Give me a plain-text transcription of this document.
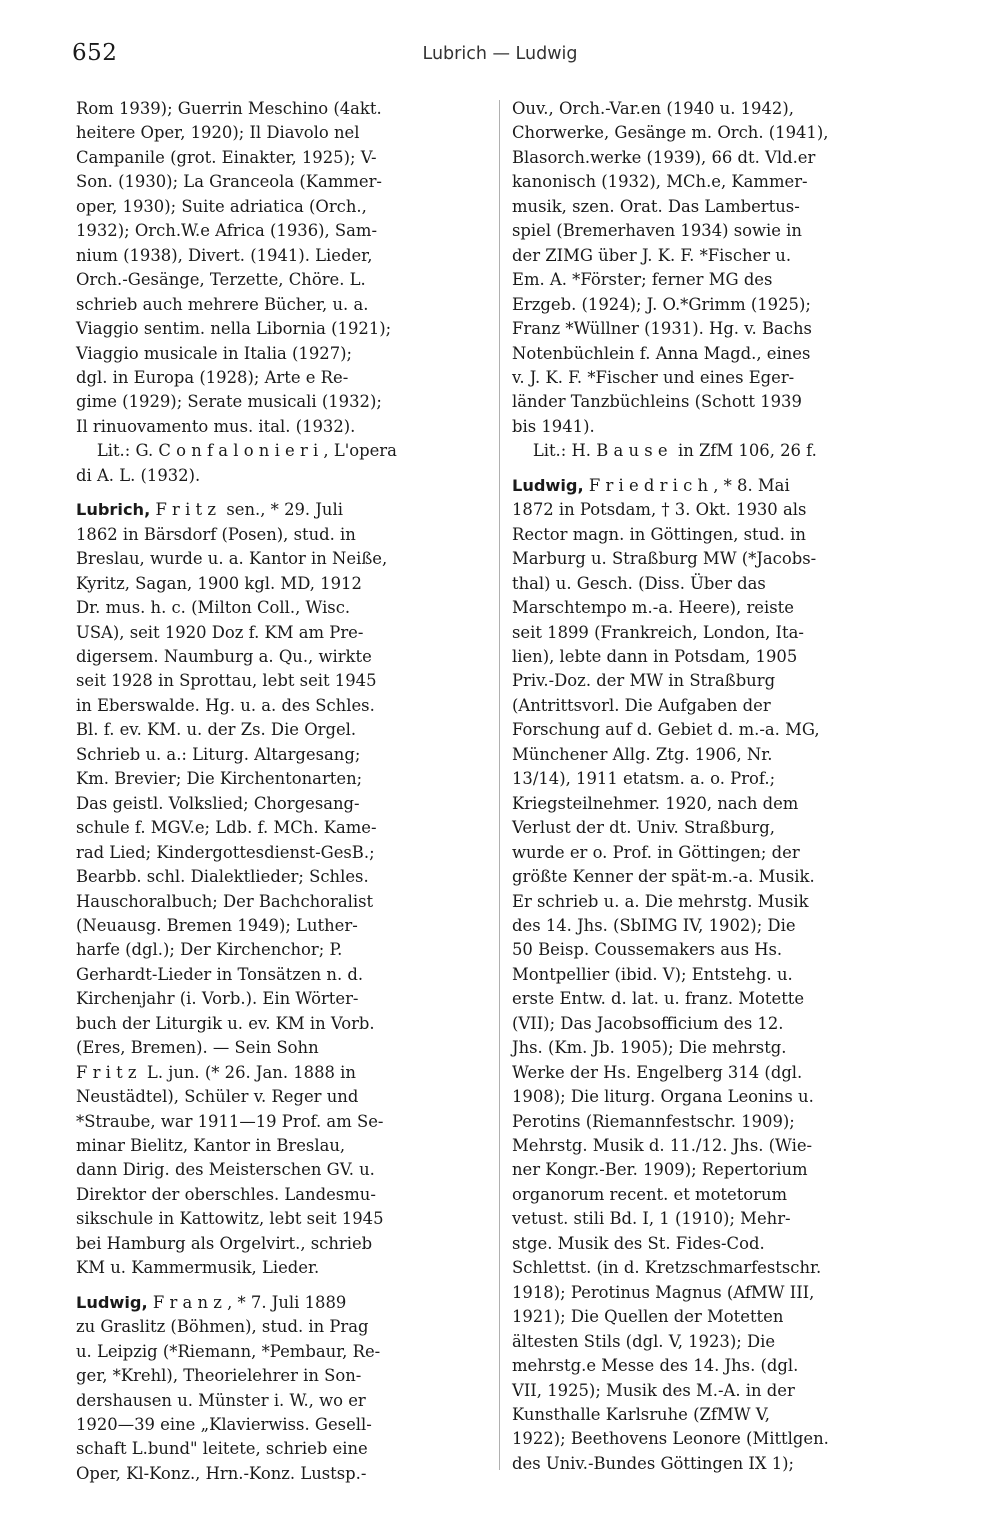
652	Lubrich — Ludwig
Rom 1939); Guerrin Meschino (4akt.
heitere Oper, 1920); Il Diavolo nel
Campanile (grot. Einakter, 1925); V-
Son. (1930); La Granceola (Kammer-
oper, 1930); Suite adriatica (Orch.,
1932); Orch.W.e Africa (1936), Sam-
nium (1938), Divert. (1941). Lieder,
Orch.-Gesänge, Terzette, Chöre. L.
schrieb auch mehrere Bücher, u. a.
Viaggio sentim. nella Libornia (1921);
Viaggio musicale in Italia (1927);
dgl. in Europa (1928); Arte e Re-
gime (1929); Serate musicali (1932);
Il rinuovamento mus. ital. (1932).
Lit.: G. C o n f a l o n i e r i , L'opera
di A. L. (1932).
Lubrich, F r i t z  sen., * 29. Juli
1862 in Bärsdorf (Posen), stud. in
Breslau, wurde u. a. Kantor in Neiße,
Kyritz, Sagan, 1900 kgl. MD, 1912
Dr. mus. h. c. (Milton Coll., Wisc.
USA), seit 1920 Doz f. KM am Pre-
digersem. Naumburg a. Qu., wirkte
seit 1928 in Sprottau, lebt seit 1945
in Eberswalde. Hg. u. a. des Schles.
Bl. f. ev. KM. u. der Zs. Die Orgel.
Schrieb u. a.: Liturg. Altargesang;
Km. Brevier; Die Kirchentonarten;
Das geistl. Volkslied; Chorgesang-
schule f. MGV.e; Ldb. f. MCh. Kame-
rad Lied; Kindergottesdienst-GesB.;
Bearbb. schl. Dialektlieder; Schles.
Hauschoralbuch; Der Bachchoralist
(Neuausg. Bremen 1949); Luther-
harfe (dgl.); Der Kirchenchor; P.
Gerhardt-Lieder in Tonsätzen n. d.
Kirchenjahr (i. Vorb.). Ein Wörter-
buch der Liturgik u. ev. KM in Vorb.
(Eres, Bremen). — Sein Sohn
F r i t z  L. jun. (* 26. Jan. 1888 in
Neustädtel), Schüler v. Reger und
*Straube, war 1911—19 Prof. am Se-
minar Bielitz, Kantor in Breslau,
dann Dirig. des Meisterschen GV. u.
Direktor der oberschles. Landesmu-
sikschule in Kattowitz, lebt seit 1945
bei Hamburg als Orgelvirt., schrieb
KM u. Kammermusik, Lieder.
Ludwig, F r a n z , * 7. Juli 1889
zu Graslitz (Böhmen), stud. in Prag
u. Leipzig (*Riemann, *Pembaur, Re-
ger, *Krehl), Theorielehrer in Son-
dershausen u. Münster i. W., wo er
1920—39 eine „Klavierwiss. Gesell-
schaft L.bund" leitete, schrieb eine
Oper, Kl-Konz., Hrn.-Konz. Lustsp.-
Ouv., Orch.-Var.en (1940 u. 1942),
Chorwerke, Gesänge m. Orch. (1941),
Blasorch.werke (1939), 66 dt. Vld.er
kanonisch (1932), MCh.e, Kammer-
musik, szen. Orat. Das Lambertus-
spiel (Bremerhaven 1934) sowie in
der ZIMG über J. K. F. *Fischer u.
Em. A. *Förster; ferner MG des
Erzgeb. (1924); J. O.*Grimm (1925);
Franz *Wüllner (1931). Hg. v. Bachs
Notenbüchlein f. Anna Magd., eines
v. J. K. F. *Fischer und eines Eger-
länder Tanzbüchleins (Schott 1939
bis 1941).
Lit.: H. B a u s e  in ZfM 106, 26 f.
Ludwig, F r i e d r i c h , * 8. Mai
1872 in Potsdam, † 3. Okt. 1930 als
Rector magn. in Göttingen, stud. in
Marburg u. Straßburg MW (*Jacobs-
thal) u. Gesch. (Diss. Über das
Marschtempo m.-a. Heere), reiste
seit 1899 (Frankreich, London, Ita-
lien), lebte dann in Potsdam, 1905
Priv.-Doz. der MW in Straßburg
(Antrittsvorl. Die Aufgaben der
Forschung auf d. Gebiet d. m.-a. MG,
Münchener Allg. Ztg. 1906, Nr.
13/14), 1911 etatsm. a. o. Prof.;
Kriegsteilnehmer. 1920, nach dem
Verlust der dt. Univ. Straßburg,
wurde er o. Prof. in Göttingen; der
größte Kenner der spät-m.-a. Musik.
Er schrieb u. a. Die mehrstg. Musik
des 14. Jhs. (SbIMG IV, 1902); Die
50 Beisp. Coussemakers aus Hs.
Montpellier (ibid. V); Entstehg. u.
erste Entw. d. lat. u. franz. Motette
(VII); Das Jacobsofficium des 12.
Jhs. (Km. Jb. 1905); Die mehrstg.
Werke der Hs. Engelberg 314 (dgl.
1908); Die liturg. Organa Leonins u.
Perotins (Riemannfestschr. 1909);
Mehrstg. Musik d. 11./12. Jhs. (Wie-
ner Kongr.-Ber. 1909); Repertorium
organorum recent. et motetorum
vetust. stili Bd. I, 1 (1910); Mehr-
stge. Musik des St. Fides-Cod.
Schlettst. (in d. Kretzschmarfestschr.
1918); Perotinus Magnus (AfMW III,
1921); Die Quellen der Motetten
ältesten Stils (dgl. V, 1923); Die
mehrstg.e Messe des 14. Jhs. (dgl.
VII, 1925); Musik des M.-A. in der
Kunsthalle Karlsruhe (ZfMW V,
1922); Beethovens Leonore (Mittlgen.
des Univ.-Bundes Göttingen IX 1);
